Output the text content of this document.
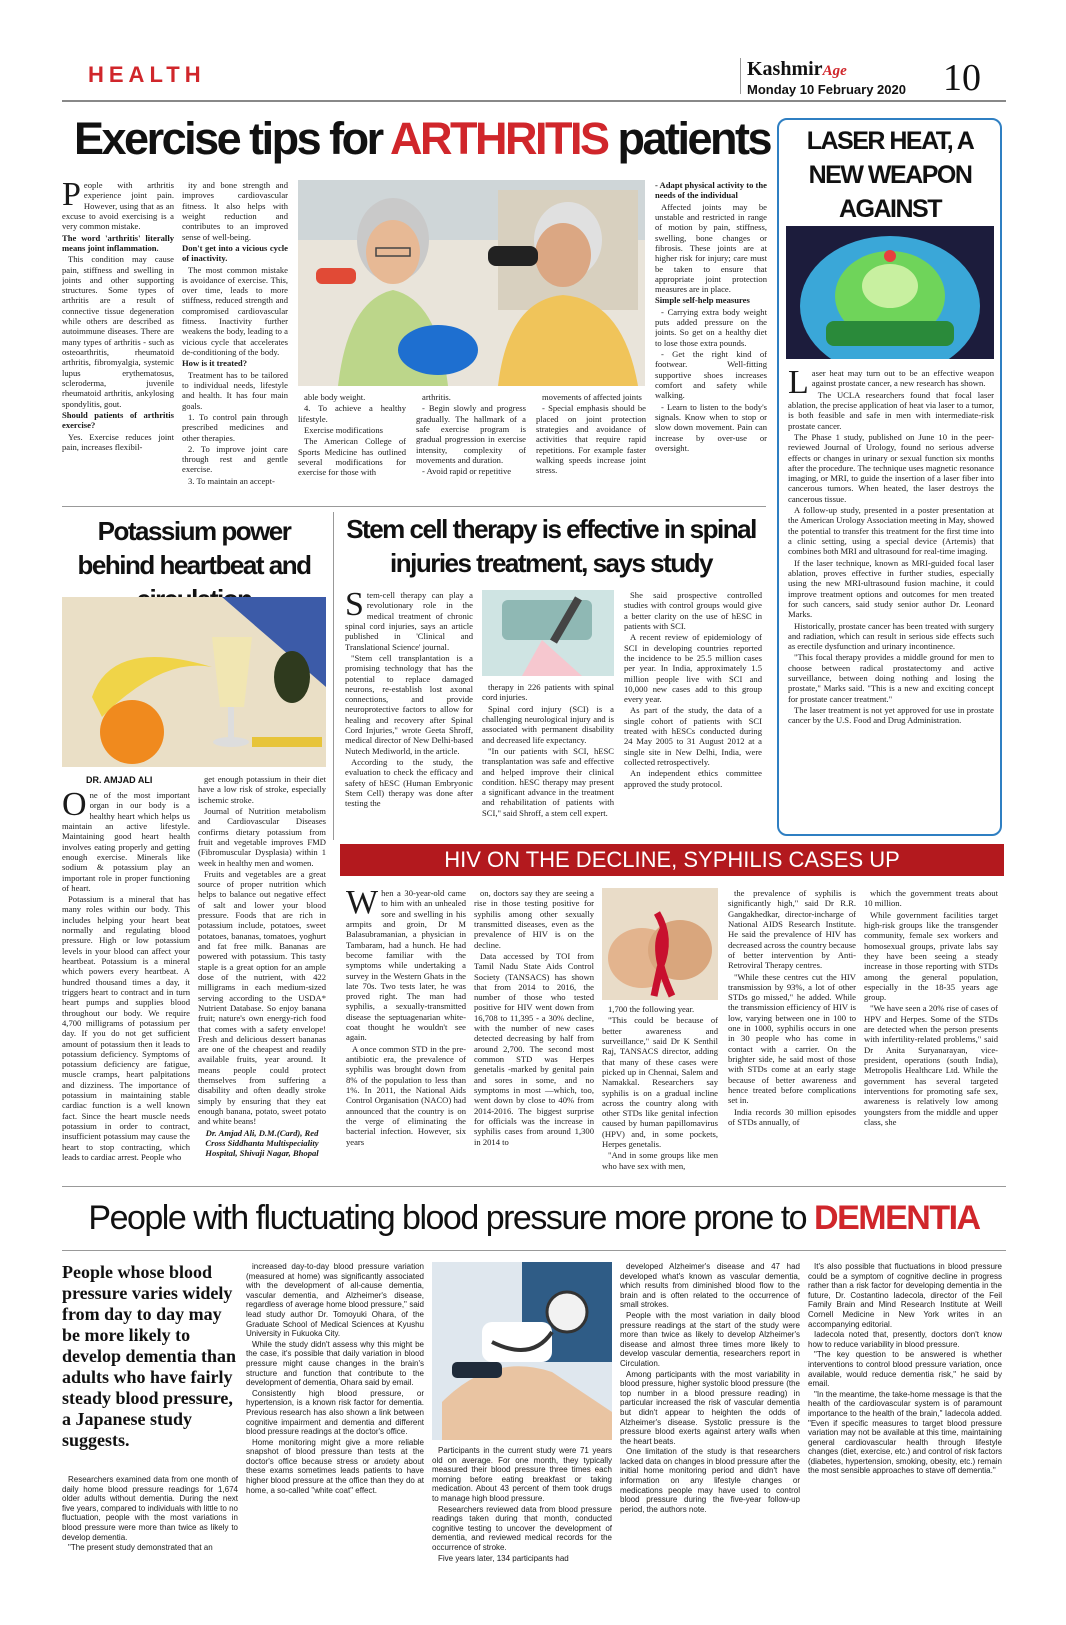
HEALTH	KashmirAge
Monday 10 February 2020 10
Exercise tips for ARTHRITIS patients

People with arthritis experience joint pain. However, using that as an excuse to avoid exercising is a very common mistake.

The word 'arthritis' literally means joint inflammation.

This condition may cause pain, stiffness and swelling in joints and other supporting structures. Some types of arthritis are a result of connective tissue degeneration while others are described as autoimmune diseases. There are many types of arthritis - such as osteoarthritis, rheumatoid arthritis, fibromyalgia, systemic lupus erythematosus, scleroderma, juvenile rheumatoid arthritis, ankylosing spondylitis, gout.

Should patients of arthritis exercise?

Yes. Exercise reduces joint pain, increases flexibil-

ity and bone strength and improves cardiovascular fitness. It also helps with weight reduction and contributes to an improved sense of well-being.

Don't get into a vicious cycle of inactivity.

The most common mistake is avoidance of exercise. This, over time, leads to more stiffness, reduced strength and compromised cardiovascular fitness. Inactivity further weakens the body, leading to a vicious cycle that accelerates de-conditioning of the body.

How is it treated?

Treatment has to be tailored to individual needs, lifestyle and health. It has four main goals.

1. To control pain through prescribed medicines and other therapies.

2. To improve joint care through rest and gentle exercise.

3. To maintain an accept-

able body weight.

4. To achieve a healthy lifestyle.

Exercise modifications

The American College of Sports Medicine has outlined several modifications for exercise for those with

arthritis.

- Begin slowly and progress gradually. The hallmark of a safe exercise program is gradual progression in exercise intensity, complexity of movements and duration.

- Avoid rapid or repetitive

movements of affected joints

- Special emphasis should be placed on joint protection strategies and avoidance of activities that require rapid repetitions. For example faster walking speeds increase joint stress.

- Adapt physical activity to the needs of the individual

Affected joints may be unstable and restricted in range of motion by pain, stiffness, swelling, bone changes or fibrosis. These joints are at higher risk for injury; care must be taken to ensure that appropriate joint protection measures are in place.

Simple self-help measures

- Carrying extra body weight puts added pressure on the joints. So get on a healthy diet to lose those extra pounds.

- Get the right kind of footwear. Well-fitting supportive shoes increases comfort and safety while walking.

- Learn to listen to the body's signals. Know when to stop or slow down movement. Pain can increase by over-use or oversight.

LASER HEAT, A NEW WEAPON AGAINST

Laser heat may turn out to be an effective weapon against prostate cancer, a new research has shown.

The UCLA researchers found that focal laser ablation, the precise application of heat via laser to a tumor, is both feasible and safe in men with intermediate-risk prostate cancer.

The Phase 1 study, published on June 10 in the peer-reviewed Journal of Urology, found no serious adverse effects or changes in urinary or sexual function six months after the procedure. The technique uses magnetic resonance imaging, or MRI, to guide the insertion of a laser fiber into cancerous tumors. When heated, the laser destroys the cancerous tissue.

A follow-up study, presented in a poster presentation at the American Urology Association meeting in May, showed the potential to transfer this treatment for the first time into a clinic setting, using a special device (Artemis) that combines both MRI and ultrasound for real-time imaging.

If the laser technique, known as MRI-guided focal laser ablation, proves effective in further studies, especially using the new MRI-ultrasound fusion machine, it could improve treatment options and outcomes for men treated for such cancers, said study senior author Dr. Leonard Marks.

Historically, prostate cancer has been treated with surgery and radiation, which can result in serious side effects such as erectile dysfunction and urinary incontinence.

"This focal therapy provides a middle ground for men to choose between radical prostatectomy and active surveillance, between doing nothing and losing the prostate," Marks said. "This is a new and exciting concept for prostate cancer treatment."

The laser treatment is not yet approved for use in prostate cancer by the U.S. Food and Drug Administration.

Potassium power behind heartbeat and
DR. AMJAD ALI

One of the most important organ in our body is a healthy heart which helps us maintain an active lifestyle. Maintaining good heart health involves eating properly and getting enough exercise. Minerals like sodium & potassium play an important role in proper functioning of heart.

Potassium is a mineral that has many roles within our body. This includes helping your heart beat normally and regulating blood pressure. High or low potassium levels in your blood can affect your heartbeat. Potassium is a mineral which powers every heartbeat. A hundred thousand times a day, it triggers heart to contract and in turn heart pumps and supplies blood throughout our body. We require 4,700 milligrams of potassium per day. If you do not get sufficient amount of potassium then it leads to potassium deficiency. Symptoms of potassium deficiency are fatigue, muscle cramps, heart palpitations and dizziness. The importance of potassium in maintaining stable cardiac function is a well known fact. Since the heart muscle needs potassium in order to contract, insufficient potassium may cause the heart to stop contracting, which leads to cardiac arrest. People who

get enough potassium in their diet have a low risk of stroke, especially ischemic stroke.

Journal of Nutrition metabolism and Cardiovascular Diseases confirms dietary potassium from fruit and vegetable improves FMD (Fibromuscular Dysplasia) within 1 week in healthy men and women.

Fruits and vegetables are a great source of proper nutrition which helps to balance out negative effect of salt and lower your blood pressure. Foods that are rich in potassium include, potatoes, sweet potatoes, bananas, tomatoes, yoghurt and fat free milk. Bananas are powered with potassium. This tasty staple is a great option for an ample dose of the nutrient, with 422 milligrams in each medium-sized serving according to the USDA* Nutrient Database. So enjoy banana fruit; nature's own energy-rich food that comes with a safety envelope! Fresh and delicious dessert bananas are one of the cheapest and readily available fruits, year around. It means people could protect themselves from suffering a disability and often deadly stroke simply by ensuring that they eat enough banana, potato, sweet potato and white beans!

Dr. Amjad Ali, D.M.(Card), Red Cross Siddhanta Multispeciality Hospital, Shivaji Nagar, Bhopal

Stem cell therapy is effective in spinal injuries treatment, says study

Stem-cell therapy can play a revolutionary role in the medical treatment of chronic spinal cord injuries, says an article published in 'Clinical and Translational Science' journal.

"Stem cell transplantation is a promising technology that has the potential to replace damaged neurons, re-establish lost axonal connections, and provide neuroprotective factors to allow for healing and recovery after Spinal Cord Injuries," wrote Geeta Shroff, medical director of New Delhi-based Nutech Mediworld, in the article.

According to the study, the evaluation to check the efficacy and safety of hESC (Human Embryonic Stem Cell) therapy was done after testing the

therapy in 226 patients with spinal cord injuries.

Spinal cord injury (SCI) is a challenging neurological injury and is associated with permanent disability and decreased life expectancy.

"In our patients with SCI, hESC transplantation was safe and effective and helped improve their clinical condition. hESC therapy may present a significant advance in the treatment and rehabilitation of patients with SCI," said Shroff, a stem cell expert.

She said prospective controlled studies with control groups would give a better clarity on the use of hESC in patients with SCI.

A recent review of epidemiology of SCI in developing countries reported the incidence to be 25.5 million cases per year. In India, approximately 1.5 million people live with SCI and 10,000 new cases add to this group every year.

As part of the study, the data of a single cohort of patients with SCI treated with hESCs conducted during 24 May 2005 to 31 August 2012 at a single site in New Delhi, India, were collected retrospectively.

An independent ethics committee approved the study protocol.

HIV ON THE DECLINE, SYPHILIS CASES UP

When a 30-year-old came to him with an unhealed sore and swelling in his armpits and groin, Dr M Balasubramanian, a physician in Tambaram, had a hunch. He had become familiar with the symptoms while undertaking a survey in the Western Ghats in the late 70s. Two tests later, he was proved right. The man had syphilis, a sexually-transmitted disease the septuagenarian white-coat thought he wouldn't see again.

A once common STD in the pre-antibiotic era, the prevalence of syphilis was brought down from 8% of the population to less than 1%. In 2011, the National Aids Control Organisation (NACO) had announced that the country is on the verge of eliminating the bacterial infection. However, six years

on, doctors say they are seeing a rise in those testing positive for syphilis among other sexually transmitted diseases, even as the prevalence of HIV is on the decline.

Data accessed by TOI from Tamil Nadu State Aids Control Society (TANSACS) has shown that from 2014 to 2016, the number of those who tested positive for HIV went down from 16,708 to 11,395 - a 30% decline, with the number of new cases detected decreasing by half from around 2,700. The second most common STD was Herpes genetalis -marked by genital pain and sores in some, and no symptoms in most —which, too, went down by close to 40% from 2014-2016. The biggest surprise for officials was the increase in syphilis cases from around 1,300 in 2014 to

1,700 the following year.

"This could be because of better awareness and surveillance," said Dr K Senthil Raj, TANSACS director, adding that many of these cases were picked up in Chennai, Salem and Namakkal. Researchers say syphilis is on a gradual incline across the country along with other STDs like genital infection caused by human papillomavirus (HPV) and, in some pockets, Herpes genetalis.

"And in some groups like men who have sex with men,

the prevalence of syphilis is significantly high," said Dr R.R. Gangakhedkar, director-incharge of National AIDS Research Institute. He said the prevalence of HIV has decreased across the country because of better intervention by Anti-Retroviral Therapy centres.

"While these centres cut the HIV transmission by 93%, a lot of other STDs go missed," he added. While the transmission efficiency of HIV is low, varying between one in 100 to one in 1000, syphilis occurs in one in 30 people who has come in contact with a carrier. On the brighter side, he said most of those with STDs come at an early stage because of better awareness and hence treated before complications set in.

India records 30 million episodes of STDs annually, of

which the government treats about 10 million.

While government facilities target high-risk groups like the transgender community, female sex workers and homosexual groups, private labs say they have been seeing a steady increase in those reporting with STDs among the general population, especially in the 18-35 years age group.

"We have seen a 20% rise of cases of HPV and Herpes. Some of the STDs are detected when the person presents with infertility-related problems," said Dr Anita Suryanarayan, vice-president, operations (south India), Metropolis Healthcare Ltd. While the government has several targeted interventions for promoting safe sex, awareness is relatively low among youngsters from the middle and upper class, she

People with fluctuating blood pressure more prone to DEMENTIA
People whose blood pressure varies widely from day to day may be more likely to develop dementia than adults who have fairly steady blood pressure, a Japanese study suggests.

Researchers examined data from one month of daily home blood pressure readings for 1,674 older adults without dementia. During the next five years, compared to individuals with little to no fluctuation, people with the most variations in blood pressure were more than twice as likely to develop dementia.

"The present study demonstrated that an

increased day-to-day blood pressure variation (measured at home) was significantly associated with the development of all-cause dementia, vascular dementia, and Alzheimer's disease, regardless of average home blood pressure," said lead study author Dr. Tomoyuki Ohara, of the Graduate School of Medical Sciences at Kyushu University in Fukuoka City.

While the study didn't assess why this might be the case, it's possible that daily variation in blood pressure might cause changes in the brain's structure and function that contribute to the development of dementia, Ohara said by email.

Consistently high blood pressure, or hypertension, is a known risk factor for dementia. Previous research has also shown a link between cognitive impairment and dementia and different blood pressure readings at the doctor's office.

Home monitoring might give a more reliable snapshot of blood pressure than tests at the doctor's office because stress or anxiety about these exams sometimes leads patients to have higher blood pressure at the office than they do at home, a so-called "white coat" effect.

Participants in the current study were 71 years old on average. For one month, they typically measured their blood pressure three times each morning before eating breakfast or taking medication. About 43 percent of them took drugs to manage high blood pressure.

Researchers reviewed data from blood pressure readings taken during that month, conducted cognitive testing to uncover the development of dementia, and reviewed medical records for the occurrence of stroke.

Five years later, 134 participants had

developed Alzheimer's disease and 47 had developed what's known as vascular dementia, which results from diminished blood flow to the brain and is often related to the occurrence of small strokes.

People with the most variation in daily blood pressure readings at the start of the study were more than twice as likely to develop Alzheimer's disease and almost three times more likely to develop vascular dementia, researchers report in Circulation.

Among participants with the most variability in blood pressure, higher systolic blood pressure (the top number in a blood pressure reading) in particular increased the risk of vascular dementia but didn't appear to heighten the odds of Alzheimer's disease. Systolic pressure is the pressure blood exerts against artery walls when the heart beats.

One limitation of the study is that researchers lacked data on changes in blood pressure after the initial home monitoring period and didn't have information on any lifestyle changes or medications people may have used to control blood pressure during the five-year follow-up period, the authors note.

It's also possible that fluctuations in blood pressure could be a symptom of cognitive decline in progress rather than a risk factor for developing dementia in the future, Dr. Costantino Iadecola, director of the Feil Family Brain and Mind Research Institute at Weill Cornell Medicine in New York writes in an accompanying editorial.

Iadecola noted that, presently, doctors don't know how to reduce variability in blood pressure.

"The key question to be answered is whether interventions to control blood pressure variation, once available, would reduce dementia risk," he said by email.

"In the meantime, the take-home message is that the health of the cardiovascular system is of paramount importance to the health of the brain," Iadecola added. "Even if specific measures to target blood pressure variation may not be available at this time, maintaining general cardiovascular health through lifestyle changes (diet, exercise, etc.) and control of risk factors (diabetes, hypertension, smoking, obesity, etc.) remain the most sensible approaches to stave off dementia."
